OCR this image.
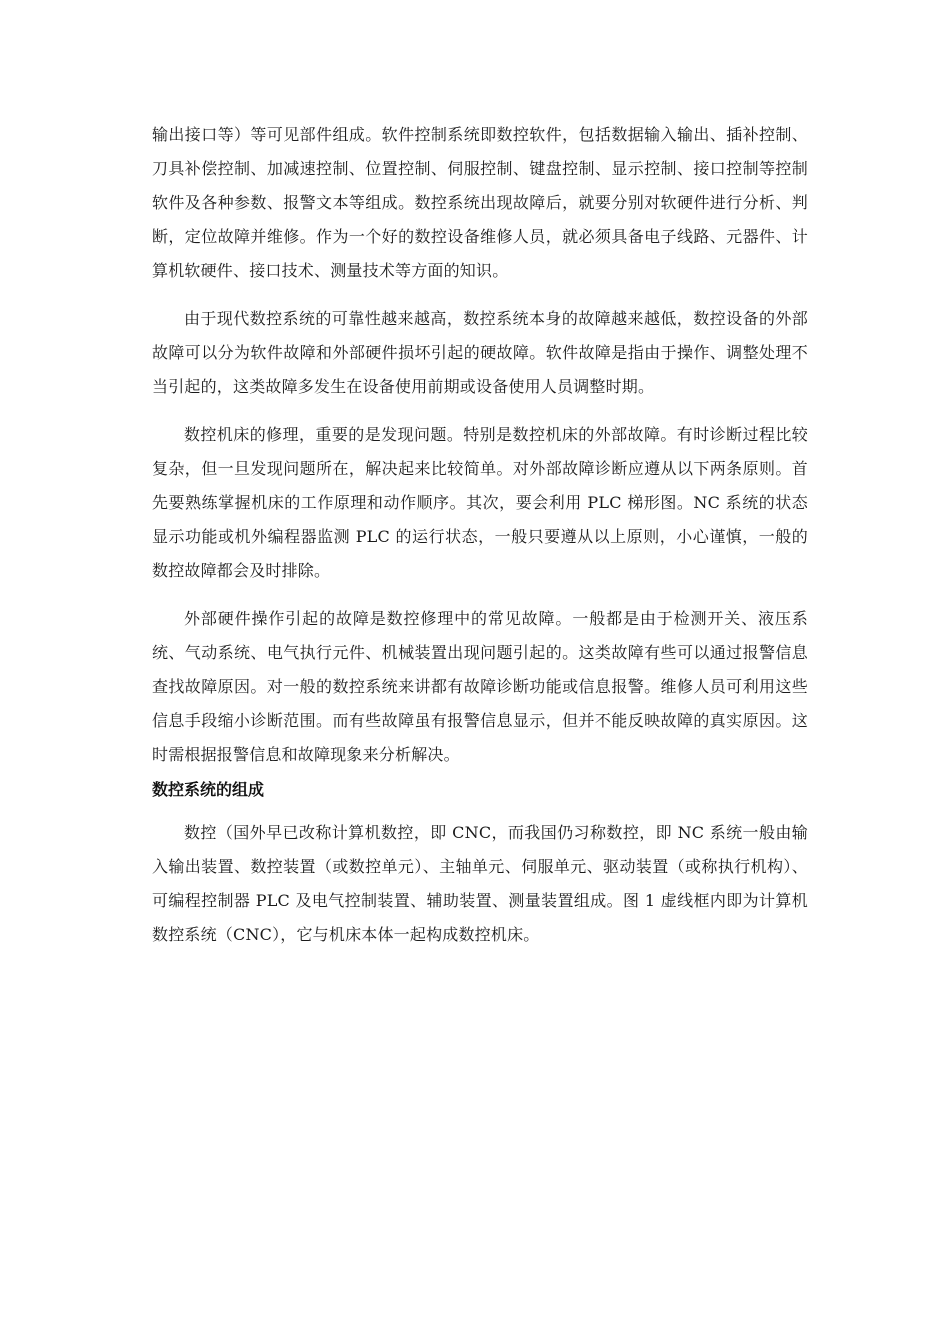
输出接口等）等可见部件组成。软件控制系统即数控软件，包括数据输入输出、插补控制、刀具补偿控制、加减速控制、位置控制、伺服控制、键盘控制、显示控制、接口控制等控制软件及各种参数、报警文本等组成。数控系统出现故障后，就要分别对软硬件进行分析、判断，定位故障并维修。作为一个好的数控设备维修人员，就必须具备电子线路、元器件、计算机软硬件、接口技术、测量技术等方面的知识。

由于现代数控系统的可靠性越来越高，数控系统本身的故障越来越低，数控设备的外部故障可以分为软件故障和外部硬件损坏引起的硬故障。软件故障是指由于操作、调整处理不当引起的，这类故障多发生在设备使用前期或设备使用人员调整时期。

数控机床的修理，重要的是发现问题。特别是数控机床的外部故障。有时诊断过程比较复杂，但一旦发现问题所在，解决起来比较简单。对外部故障诊断应遵从以下两条原则。首先要熟练掌握机床的工作原理和动作顺序。其次，要会利用 PLC 梯形图。NC 系统的状态显示功能或机外编程器监测 PLC 的运行状态，一般只要遵从以上原则，小心谨慎，一般的数控故障都会及时排除。

外部硬件操作引起的故障是数控修理中的常见故障。一般都是由于检测开关、液压系统、气动系统、电气执行元件、机械装置出现问题引起的。这类故障有些可以通过报警信息查找故障原因。对一般的数控系统来讲都有故障诊断功能或信息报警。维修人员可利用这些信息手段缩小诊断范围。而有些故障虽有报警信息显示，但并不能反映故障的真实原因。这时需根据报警信息和故障现象来分析解决。

数控系统的组成

数控（国外早已改称计算机数控，即 CNC，而我国仍习称数控，即 NC 系统一般由输入输出装置、数控装置（或数控单元）、主轴单元、伺服单元、驱动装置（或称执行机构）、可编程控制器 PLC 及电气控制装置、辅助装置、测量装置组成。图 1 虚线框内即为计算机数控系统（CNC），它与机床本体一起构成数控机床。
